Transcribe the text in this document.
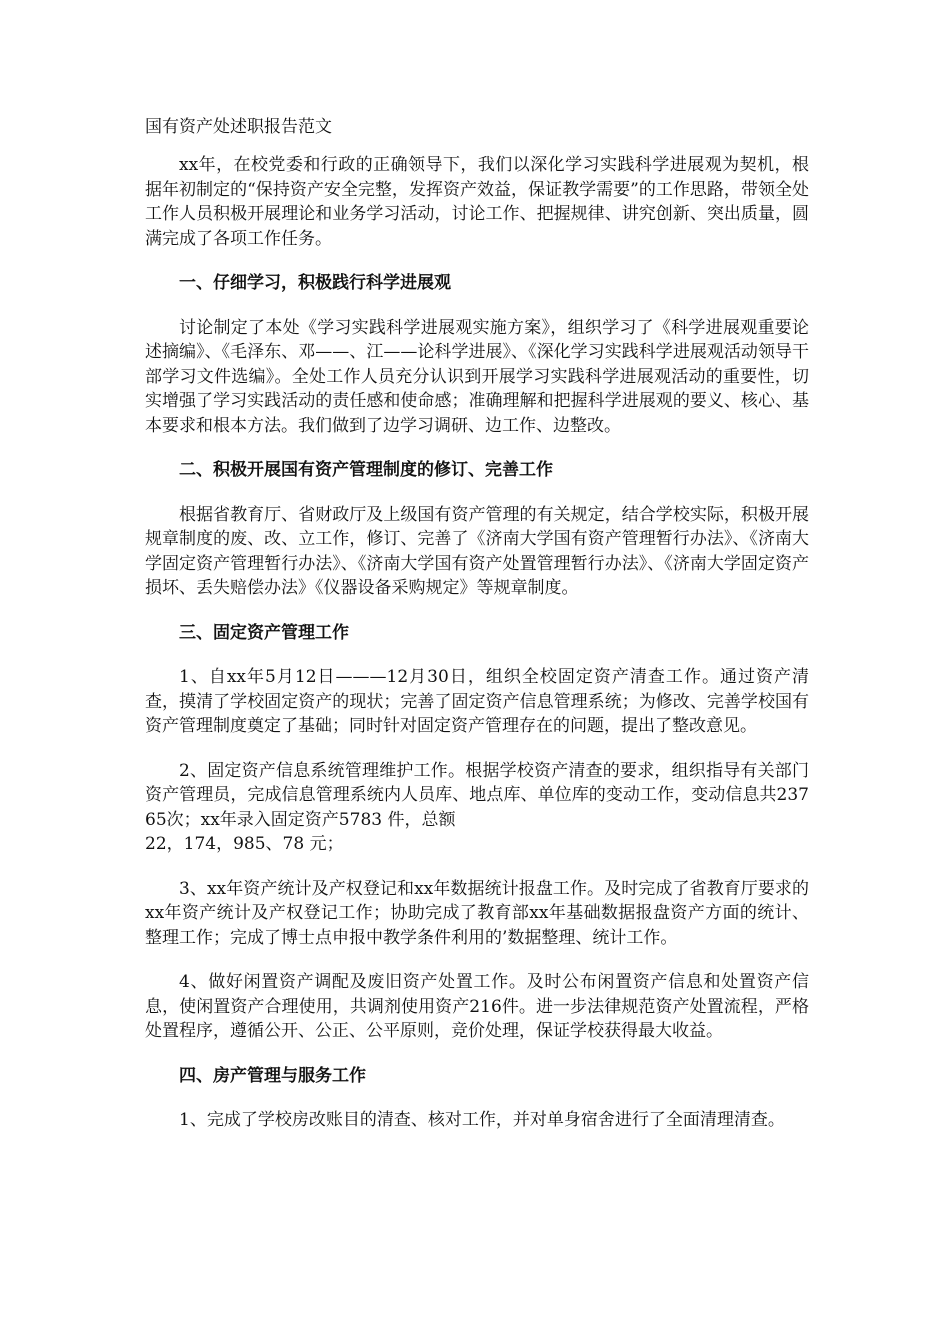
国有资产处述职报告范文

xx年，在校党委和行政的正确领导下，我们以深化学习实践科学进展观为契机，根据年初制定的“保持资产安全完整，发挥资产效益，保证教学需要”的工作思路，带领全处工作人员积极开展理论和业务学习活动，讨论工作、把握规律、讲究创新、突出质量，圆满完成了各项工作任务。

一、仔细学习，积极践行科学进展观

讨论制定了本处《学习实践科学进展观实施方案》，组织学习了《科学进展观重要论述摘编》、《毛泽东、邓——、江——论科学进展》、《深化学习实践科学进展观活动领导干部学习文件选编》。全处工作人员充分认识到开展学习实践科学进展观活动的重要性，切实增强了学习实践活动的责任感和使命感；准确理解和把握科学进展观的要义、核心、基本要求和根本方法。我们做到了边学习调研、边工作、边整改。

二、积极开展国有资产管理制度的修订、完善工作

根据省教育厅、省财政厅及上级国有资产管理的有关规定，结合学校实际，积极开展规章制度的废、改、立工作，修订、完善了《济南大学国有资产管理暂行办法》、《济南大学固定资产管理暂行办法》、《济南大学国有资产处置管理暂行办法》、《济南大学固定资产损坏、丢失赔偿办法》《仪器设备采购规定》等规章制度。

三、固定资产管理工作

1、自xx年5月12日———12月30日，组织全校固定资产清查工作。通过资产清查，摸清了学校固定资产的现状；完善了固定资产信息管理系统；为修改、完善学校国有资产管理制度奠定了基础；同时针对固定资产管理存在的问题，提出了整改意见。

2、固定资产信息系统管理维护工作。根据学校资产清查的要求，组织指导有关部门资产管理员，完成信息管理系统内人员库、地点库、单位库的变动工作，变动信息共23765次；xx年录入固定资产5783 件，总额
22，174，985、78 元；

3、xx年资产统计及产权登记和xx年数据统计报盘工作。及时完成了省教育厅要求的xx年资产统计及产权登记工作；协助完成了教育部xx年基础数据报盘资产方面的统计、整理工作；完成了博士点申报中教学条件利用的’数据整理、统计工作。

4、做好闲置资产调配及废旧资产处置工作。及时公布闲置资产信息和处置资产信息，使闲置资产合理使用，共调剂使用资产216件。进一步法律规范资产处置流程，严格处置程序，遵循公开、公正、公平原则，竞价处理，保证学校获得最大收益。

四、房产管理与服务工作

1、完成了学校房改账目的清查、核对工作，并对单身宿舍进行了全面清理清查。
